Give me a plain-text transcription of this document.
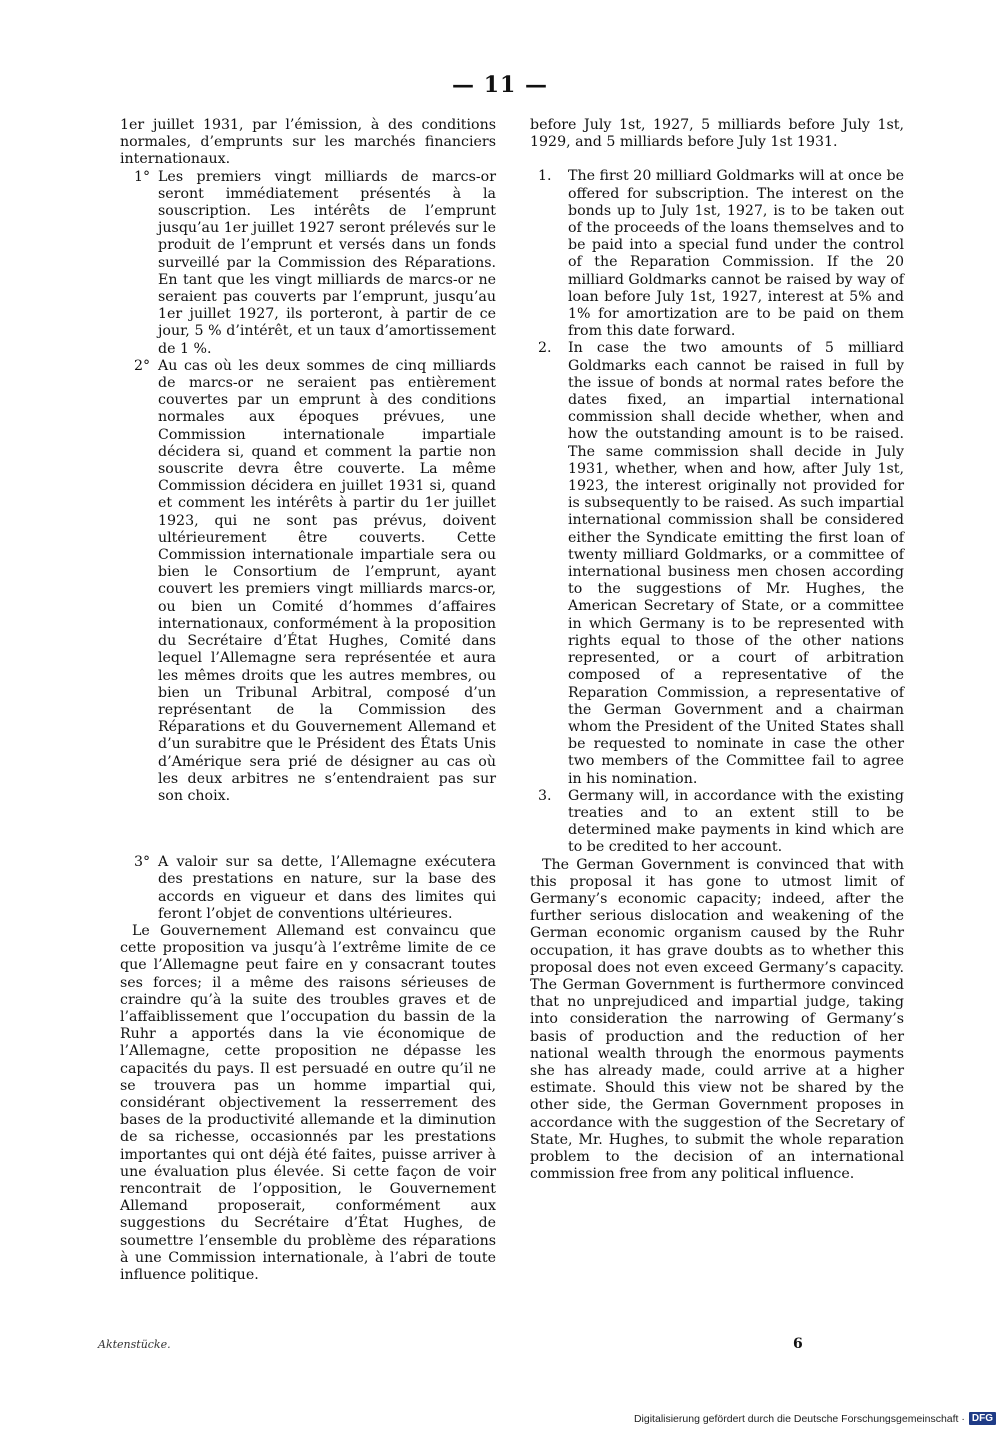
— 11 —

1er juillet 1931, par l’émission, à des conditions normales, d’emprunts sur les marchés financiers internationaux.

1° Les premiers vingt milliards de marcs-or seront immédiatement présentés à la souscription. Les intérêts de l’emprunt jusqu’au 1er juillet 1927 seront prélevés sur le produit de l’emprunt et versés dans un fonds surveillé par la Commission des Réparations. En tant que les vingt milliards de marcs-or ne seraient pas couverts par l’emprunt, jusqu’au 1er juillet 1927, ils porteront, à partir de ce jour, 5 % d’intérêt, et un taux d’amortissement de 1 %.
2° Au cas où les deux sommes de cinq milliards de marcs-or ne seraient pas entièrement couvertes par un emprunt à des conditions normales aux époques prévues, une Commission internationale impartiale décidera si, quand et comment la partie non souscrite devra être couverte. La même Commission décidera en juillet 1931 si, quand et comment les intérêts à partir du 1er juillet 1923, qui ne sont pas prévus, doivent ultérieurement être couverts. Cette Commission internationale impartiale sera ou bien le Consortium de l’emprunt, ayant couvert les premiers vingt milliards marcs-or, ou bien un Comité d’hommes d’affaires internationaux, conformément à la proposition du Secrétaire d’État Hughes, Comité dans lequel l’Allemagne sera représentée et aura les mêmes droits que les autres membres, ou bien un Tribunal Arbitral, composé d’un représentant de la Commission des Réparations et du Gouvernement Allemand et d’un surabitre que le Président des États Unis d’Amérique sera prié de désigner au cas où les deux arbitres ne s’entendraient pas sur son choix.
3° A valoir sur sa dette, l’Allemagne exécutera des prestations en nature, sur la base des accords en vigueur et dans des limites qui feront l’objet de conventions ultérieures.

Le Gouvernement Allemand est convaincu que cette proposition va jusqu’à l’extrême limite de ce que l’Allemagne peut faire en y consacrant toutes ses forces; il a même des raisons sérieuses de craindre qu’à la suite des troubles graves et de l’affaiblissement que l’occupation du bassin de la Ruhr a apportés dans la vie économique de l’Allemagne, cette proposition ne dépasse les capacités du pays. Il est persuadé en outre qu’il ne se trouvera pas un homme impartial qui, considérant objectivement la resserrement des bases de la productivité allemande et la diminution de sa richesse, occasionnés par les prestations importantes qui ont déjà été faites, puisse arriver à une évaluation plus élevée. Si cette façon de voir rencontrait de l’opposition, le Gouvernement Allemand proposerait, conformément aux suggestions du Secrétaire d’État Hughes, de soumettre l’ensemble du problème des réparations à une Commission internationale, à l’abri de toute influence politique.

before July 1st, 1927, 5 milliards before July 1st, 1929, and 5 milliards before July 1st 1931.

1.	The first 20 milliard Goldmarks will at once be offered for subscription. The interest on the bonds up to July 1st, 1927, is to be taken out of the proceeds of the loans themselves and to be paid into a special fund under the control of the Reparation Commission. If the 20 milliard Goldmarks cannot be raised by way of loan before July 1st, 1927, interest at 5% and 1% for amortization are to be paid on them from this date forward.
2.	In case the two amounts of 5 milliard Goldmarks each cannot be raised in full by the issue of bonds at normal rates before the dates fixed, an impartial international commission shall decide whether, when and how the outstanding amount is to be raised. The same commission shall decide in July 1931, whether, when and how, after July 1st, 1923, the interest originally not provided for is subsequently to be raised. As such impartial international commission shall be considered either the Syndicate emitting the first loan of twenty milliard Goldmarks, or a committee of international business men chosen according to the suggestions of Mr. Hughes, the American Secretary of State, or a committee in which Germany is to be represented with rights equal to those of the other nations represented, or a court of arbitration composed of a representative of the Reparation Commission, a representative of the German Government and a chairman whom the President of the United States shall be requested to nominate in case the other two members of the Committee fail to agree in his nomination.
3.	Germany will, in accordance with the existing treaties and to an extent still to be determined make payments in kind which are to be credited to her account.

The German Government is convinced that with this proposal it has gone to utmost limit of Germany’s economic capacity; indeed, after the further serious dislocation and weakening of the German economic organism caused by the Ruhr occupation, it has grave doubts as to whether this proposal does not even exceed Germany’s capacity. The German Government is furthermore convinced that no unprejudiced and impartial judge, taking into consideration the narrowing of Germany’s basis of production and the reduction of her national wealth through the enormous payments she has already made, could arrive at a higher estimate. Should this view not be shared by the other side, the German Government proposes in accordance with the suggestion of the Secretary of State, Mr. Hughes, to submit the whole reparation problem to the decision of an international commission free from any political influence.

Aktenstücke.	6
Digitalisierung gefördert durch die Deutsche Forschungsgemeinschaft · DFG
